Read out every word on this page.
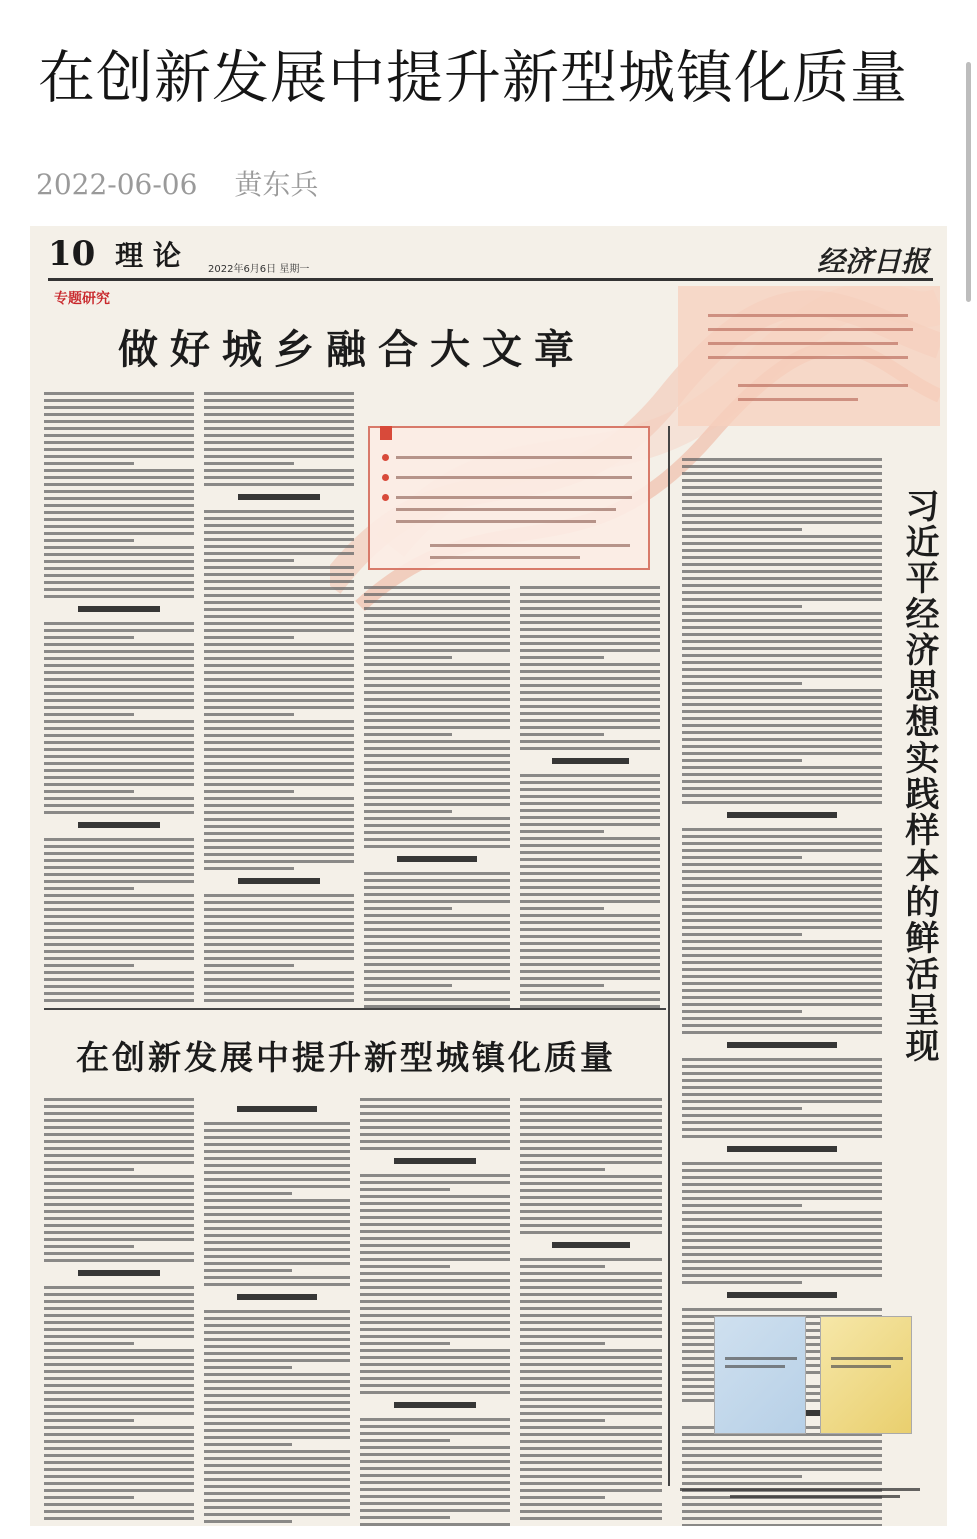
在创新发展中提升新型城镇化质量
2022-06-06 黄东兵
10 理 论	2022年6月6日 星期一	经济日报
专题研究
做好城乡融合大文章
习近平经济思想实践样本的鲜活呈现
在创新发展中提升新型城镇化质量
